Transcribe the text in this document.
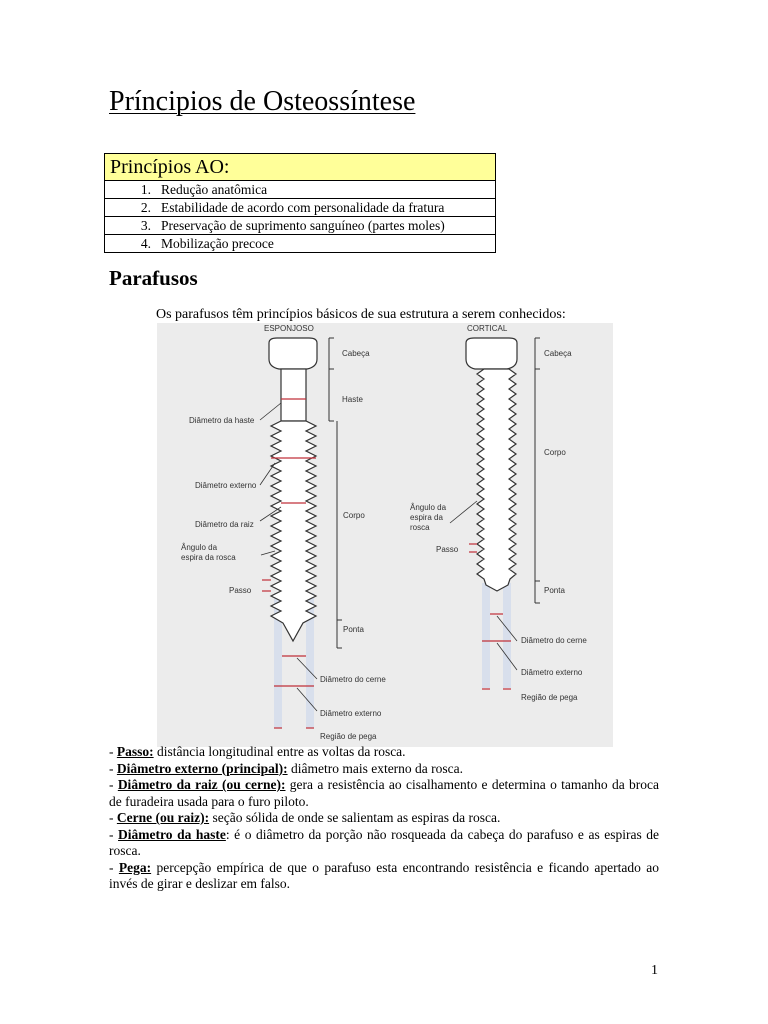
Príncipios de Osteossíntese
Princípios AO:
1. Redução anatômica
2. Estabilidade de acordo com personalidade da fratura
3. Preservação de suprimento sanguíneo (partes moles)
4. Mobilização precoce
Parafusos
Os parafusos têm princípios básicos de sua estrutura a serem conhecidos:
ESPONJOSO
Cabeça
Haste
Diâmetro da haste
Diâmetro externo
Corpo
Diâmetro da raiz
Ângulo da
espira da rosca
Passo
Ponta
Diâmetro do cerne
Diâmetro externo
Região de pega
CORTICAL
Cabeça
Corpo
Ângulo da
espira da
rosca
Passo
Ponta
Diâmetro do cerne
Diâmetro externo
Região de pega

- Passo: distância longitudinal entre as voltas da rosca.

- Diâmetro externo (principal): diâmetro mais externo da rosca.

- Diâmetro da raiz (ou cerne): gera a resistência ao cisalhamento e determina o tamanho da broca de furadeira usada para o furo piloto.

- Cerne (ou raiz): seção sólida de onde se salientam as espiras da rosca.

- Diâmetro da haste: é o diâmetro da porção não rosqueada da cabeça do parafuso e as espiras de rosca.

- Pega: percepção empírica de que o parafuso esta encontrando resistência e ficando apertado ao invés de girar e deslizar em falso.

1
